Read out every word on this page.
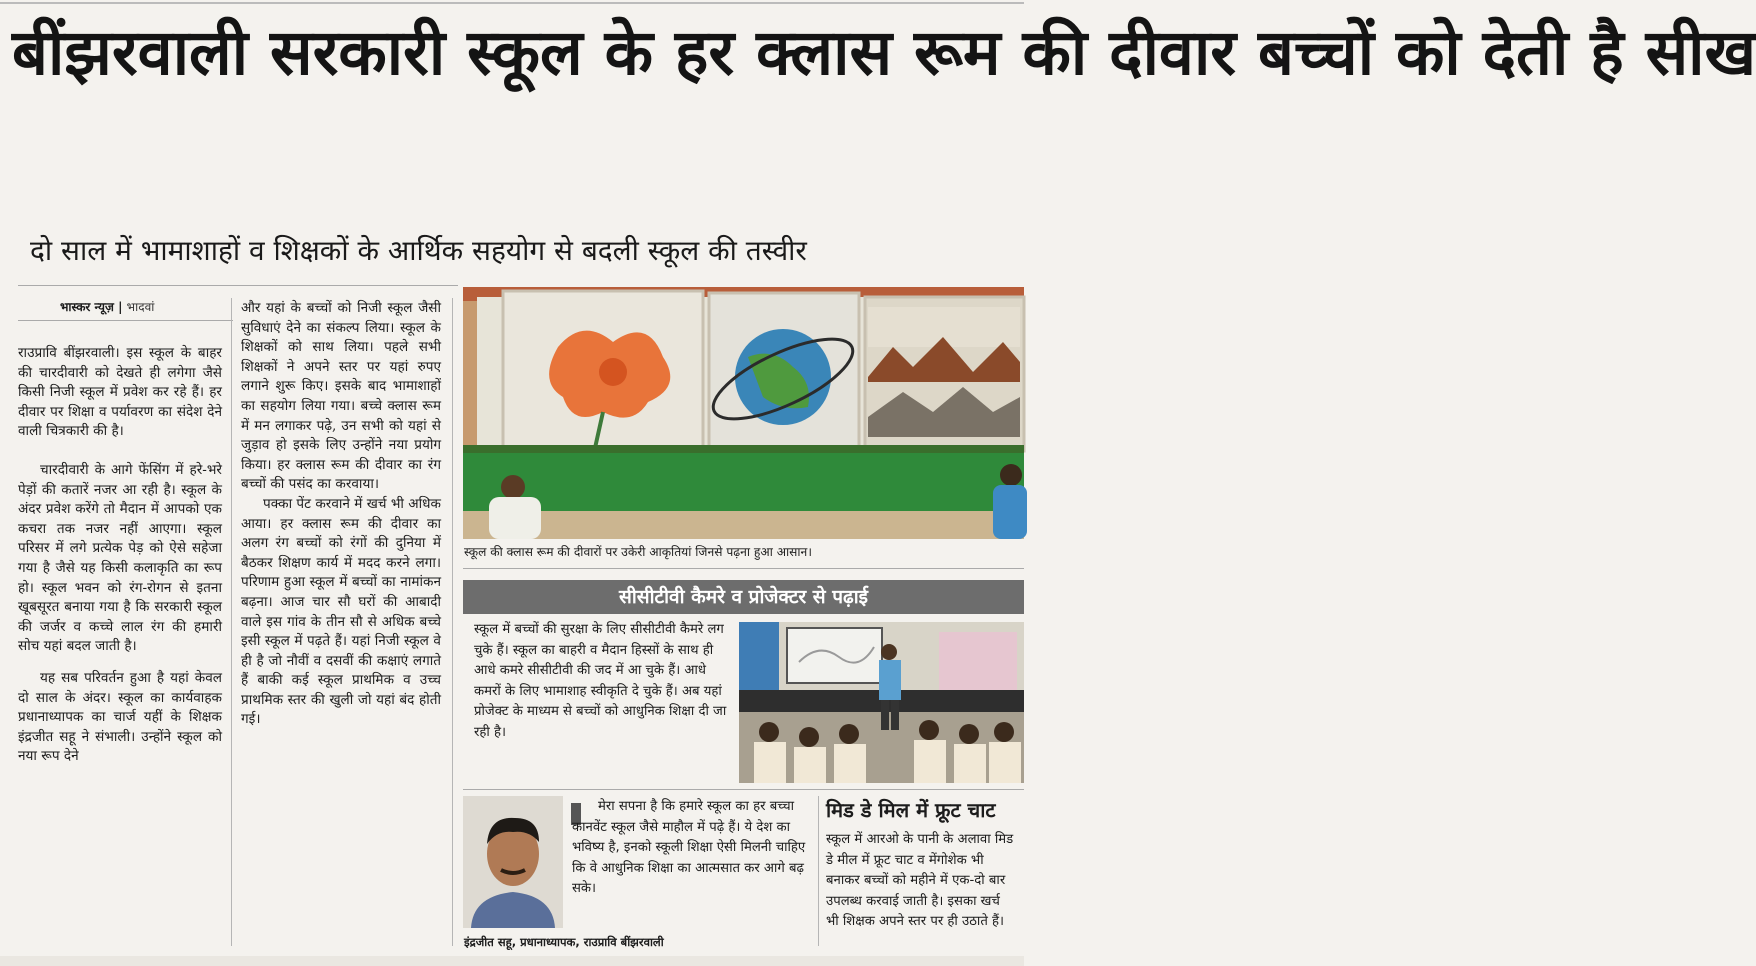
बींझरवाली सरकारी स्कूल के हर क्लास रूम की दीवार बच्चों को देती है सीख
दो साल में भामाशाहों व शिक्षकों के आर्थिक सहयोग से बदली स्कूल की तस्वीर
भास्कर न्यूज़ | भादवां

राउप्रावि बींझरवाली। इस स्कूल के बाहर की चारदीवारी को देखते ही लगेगा जैसे किसी निजी स्कूल में प्रवेश कर रहे हैं। हर दीवार पर शिक्षा व पर्यावरण का संदेश देने वाली चित्रकारी की है।

चारदीवारी के आगे फेंसिंग में हरे-भरे पेड़ों की कतारें नजर आ रही है। स्कूल के अंदर प्रवेश करेंगे तो मैदान में आपको एक कचरा तक नजर नहीं आएगा। स्कूल परिसर में लगे प्रत्येक पेड़ को ऐसे सहेजा गया है जैसे यह किसी कलाकृति का रूप हो। स्कूल भवन को रंग-रोगन से इतना खूबसूरत बनाया गया है कि सरकारी स्कूल की जर्जर व कच्चे लाल रंग की हमारी सोच यहां बदल जाती है।

यह सब परिवर्तन हुआ है यहां केवल दो साल के अंदर। स्कूल का कार्यवाहक प्रधानाध्यापक का चार्ज यहीं के शिक्षक इंद्रजीत सहू ने संभाली। उन्होंने स्कूल को नया रूप देने

और यहां के बच्चों को निजी स्कूल जैसी सुविधाएं देने का संकल्प लिया। स्कूल के शिक्षकों को साथ लिया। पहले सभी शिक्षकों ने अपने स्तर पर यहां रुपए लगाने शुरू किए। इसके बाद भामाशाहों का सहयोग लिया गया। बच्चे क्लास रूम में मन लगाकर पढ़े, उन सभी को यहां से जुड़ाव हो इसके लिए उन्होंने नया प्रयोग किया। हर क्लास रूम की दीवार का रंग बच्चों की पसंद का करवाया।

पक्का पेंट करवाने में खर्च भी अधिक आया। हर क्लास रूम की दीवार का अलग रंग बच्चों को रंगों की दुनिया में बैठकर शिक्षण कार्य में मदद करने लगा। परिणाम हुआ स्कूल में बच्चों का नामांकन बढ़ना। आज चार सौ घरों की आबादी वाले इस गांव के तीन सौ से अधिक बच्चे इसी स्कूल में पढ़ते हैं। यहां निजी स्कूल वे ही है जो नौवीं व दसवीं की कक्षाएं लगाते हैं बाकी कई स्कूल प्राथमिक व उच्च प्राथमिक स्तर की खुली जो यहां बंद होती गई।

स्कूल की क्लास रूम की दीवारों पर उकेरी आकृतियां जिनसे पढ़ना हुआ आसान।
सीसीटीवी कैमरे व प्रोजेक्टर से पढ़ाई
स्कूल में बच्चों की सुरक्षा के लिए सीसीटीवी कैमरे लग चुके हैं। स्कूल का बाहरी व मैदान हिस्सों के साथ ही आधे कमरे सीसीटीवी की जद में आ चुके हैं। आधे कमरों के लिए भामाशाह स्वीकृति दे चुके हैं। अब यहां प्रोजेक्ट के माध्यम से बच्चों को आधुनिक शिक्षा दी जा रही है।
मेरा सपना है कि हमारे स्कूल का हर बच्चा कानवेंट स्कूल जैसे माहौल में पढ़े हैं। ये देश का भविष्य है, इनको स्कूली शिक्षा ऐसी मिलनी चाहिए कि वे आधुनिक शिक्षा का आत्मसात कर आगे बढ़ सके।
इंद्रजीत सहू, प्रधानाध्यापक, राउप्रावि बींझरवाली
मिड डे मिल में फ्रूट चाट
स्कूल में आरओ के पानी के अलावा मिड
डे मील में फ्रूट चाट व मेंगोशेक भी
बनाकर बच्चों को महीने में एक-दो बार
उपलब्ध करवाई जाती है। इसका खर्च
भी शिक्षक अपने स्तर पर ही उठाते हैं।
